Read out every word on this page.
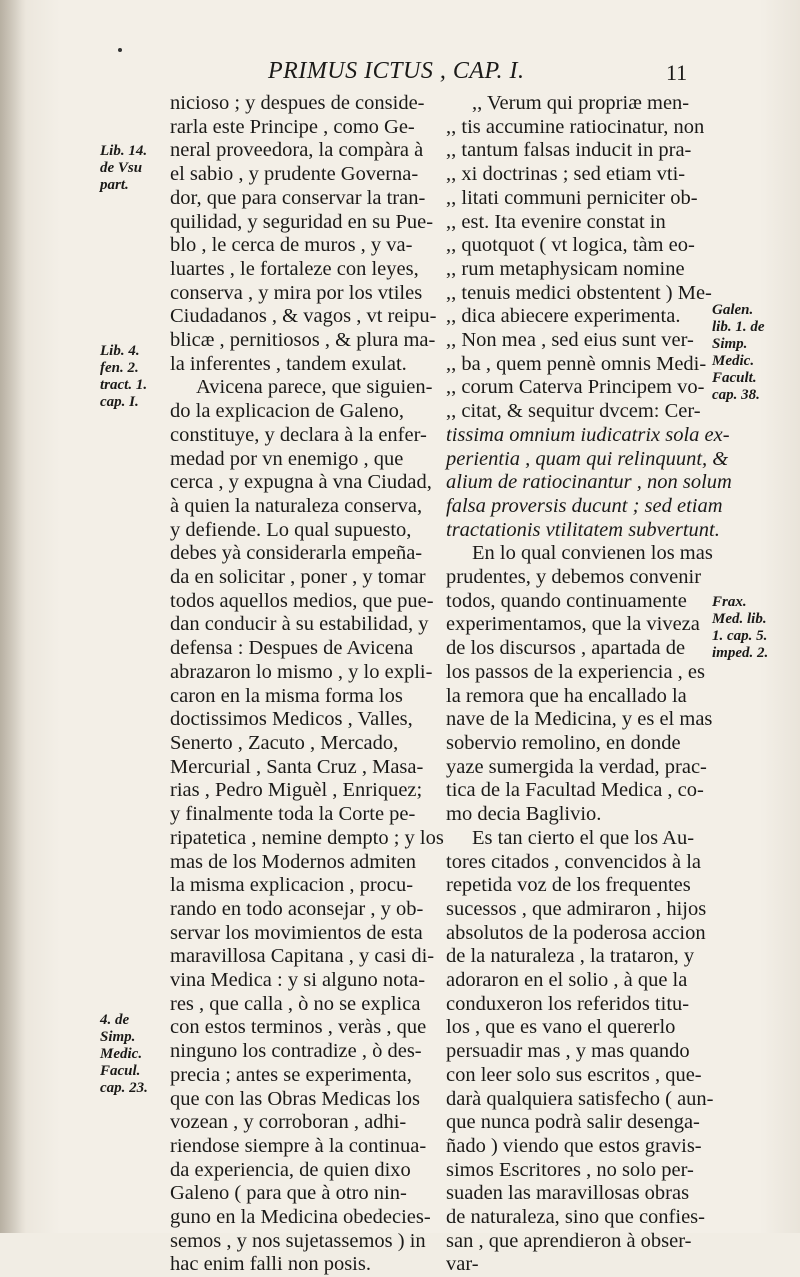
PRIMUS ICTUS , CAP. I.	11
Lib. 14.
de Vsu
part.
Lib. 4.
fen. 2.
tract. 1.
cap. I.
4. de
Simp.
Medic.
Facul.
cap. 23.
Galen.
lib. 1. de
Simp.
Medic.
Facult.
cap. 38.
Frax.
Med. lib.
1. cap. 5.
imped. 2.
nicioso ; y despues de conside-
rarla este Principe , como Ge-
neral proveedora, la compàra à
el sabio , y prudente Governa-
dor, que para conservar la tran-
quilidad, y seguridad en su Pue-
blo , le cerca de muros , y va-
luartes , le fortaleze con leyes,
conserva , y mira por los vtiles
Ciudadanos , & vagos , vt reipu-
blicæ , pernitiosos , & plura ma-
la inferentes , tandem exulat.
Avicena parece, que siguien-
do la explicacion de Galeno,
constituye, y declara à la enfer-
medad por vn enemigo , que
cerca , y expugna à vna Ciudad,
à quien la naturaleza conserva,
y defiende. Lo qual supuesto,
debes yà considerarla empeña-
da en solicitar , poner , y tomar
todos aquellos medios, que pue-
dan conducir à su estabilidad, y
defensa : Despues de Avicena
abrazaron lo mismo , y lo expli-
caron en la misma forma los
doctissimos Medicos , Valles,
Senerto , Zacuto , Mercado,
Mercurial , Santa Cruz , Masa-
rias , Pedro Miguèl , Enriquez;
y finalmente toda la Corte pe-
ripatetica , nemine dempto ; y los
mas de los Modernos admiten
la misma explicacion , procu-
rando en todo aconsejar , y ob-
servar los movimientos de esta
maravillosa Capitana , y casi di-
vina Medica : y si alguno nota-
res , que calla , ò no se explica
con estos terminos , veràs , que
ninguno los contradize , ò des-
precia ; antes se experimenta,
que con las Obras Medicas los
vozean , y corroboran , adhi-
riendose siempre à la continua-
da experiencia, de quien dixo
Galeno ( para que à otro nin-
guno en la Medicina obedecies-
semos , y nos sujetassemos ) in
hac enim falli non posis.
,, Verum qui propriæ men-
,, tis accumine ratiocinatur, non
,, tantum falsas inducit in pra-
,, xi doctrinas ; sed etiam vti-
,, litati communi perniciter ob-
,, est. Ita evenire constat in
,, quotquot ( vt logica, tàm eo-
,, rum metaphysicam nomine
,, tenuis medici obstentent ) Me-
,, dica abiecere experimenta.
,, Non mea , sed eius sunt ver-
,, ba , quem pennè omnis Medi-
,, corum Caterva Principem vo-
,, citat, & sequitur dvcem: Cer-
tissima omnium iudicatrix sola ex-
perientia , quam qui relinquunt, &
alium de ratiocinantur , non solum
falsa proversis ducunt ; sed etiam
tractationis vtilitatem subvertunt.
En lo qual convienen los mas
prudentes, y debemos convenir
todos, quando continuamente
experimentamos, que la viveza
de los discursos , apartada de
los passos de la experiencia , es
la remora que ha encallado la
nave de la Medicina, y es el mas
sobervio remolino, en donde
yaze sumergida la verdad, prac-
tica de la Facultad Medica , co-
mo decia Baglivio.
Es tan cierto el que los Au-
tores citados , convencidos à la
repetida voz de los frequentes
sucessos , que admiraron , hijos
absolutos de la poderosa accion
de la naturaleza , la trataron, y
adoraron en el solio , à que la
conduxeron los referidos titu-
los , que es vano el quererlo
persuadir mas , y mas quando
con leer solo sus escritos , que-
darà qualquiera satisfecho ( aun-
que nunca podrà salir desenga-
ñado ) viendo que estos gravis-
simos Escritores , no solo per-
suaden las maravillosas obras
de naturaleza, sino que confies-
san , que aprendieron à obser-
var-
